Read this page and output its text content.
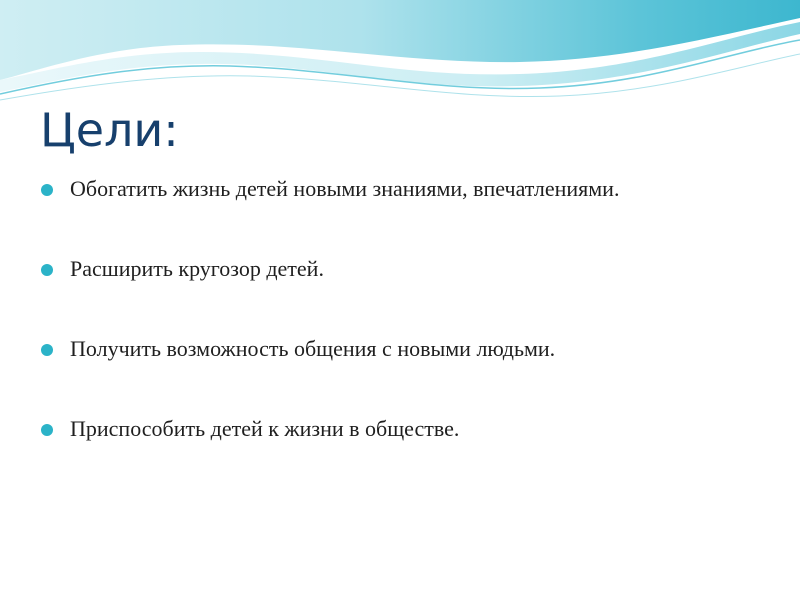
Цели:
Обогатить жизнь детей новыми знаниями, впечатлениями.
Расширить кругозор детей.
Получить возможность общения с новыми людьми.
Приспособить детей к жизни в обществе.
